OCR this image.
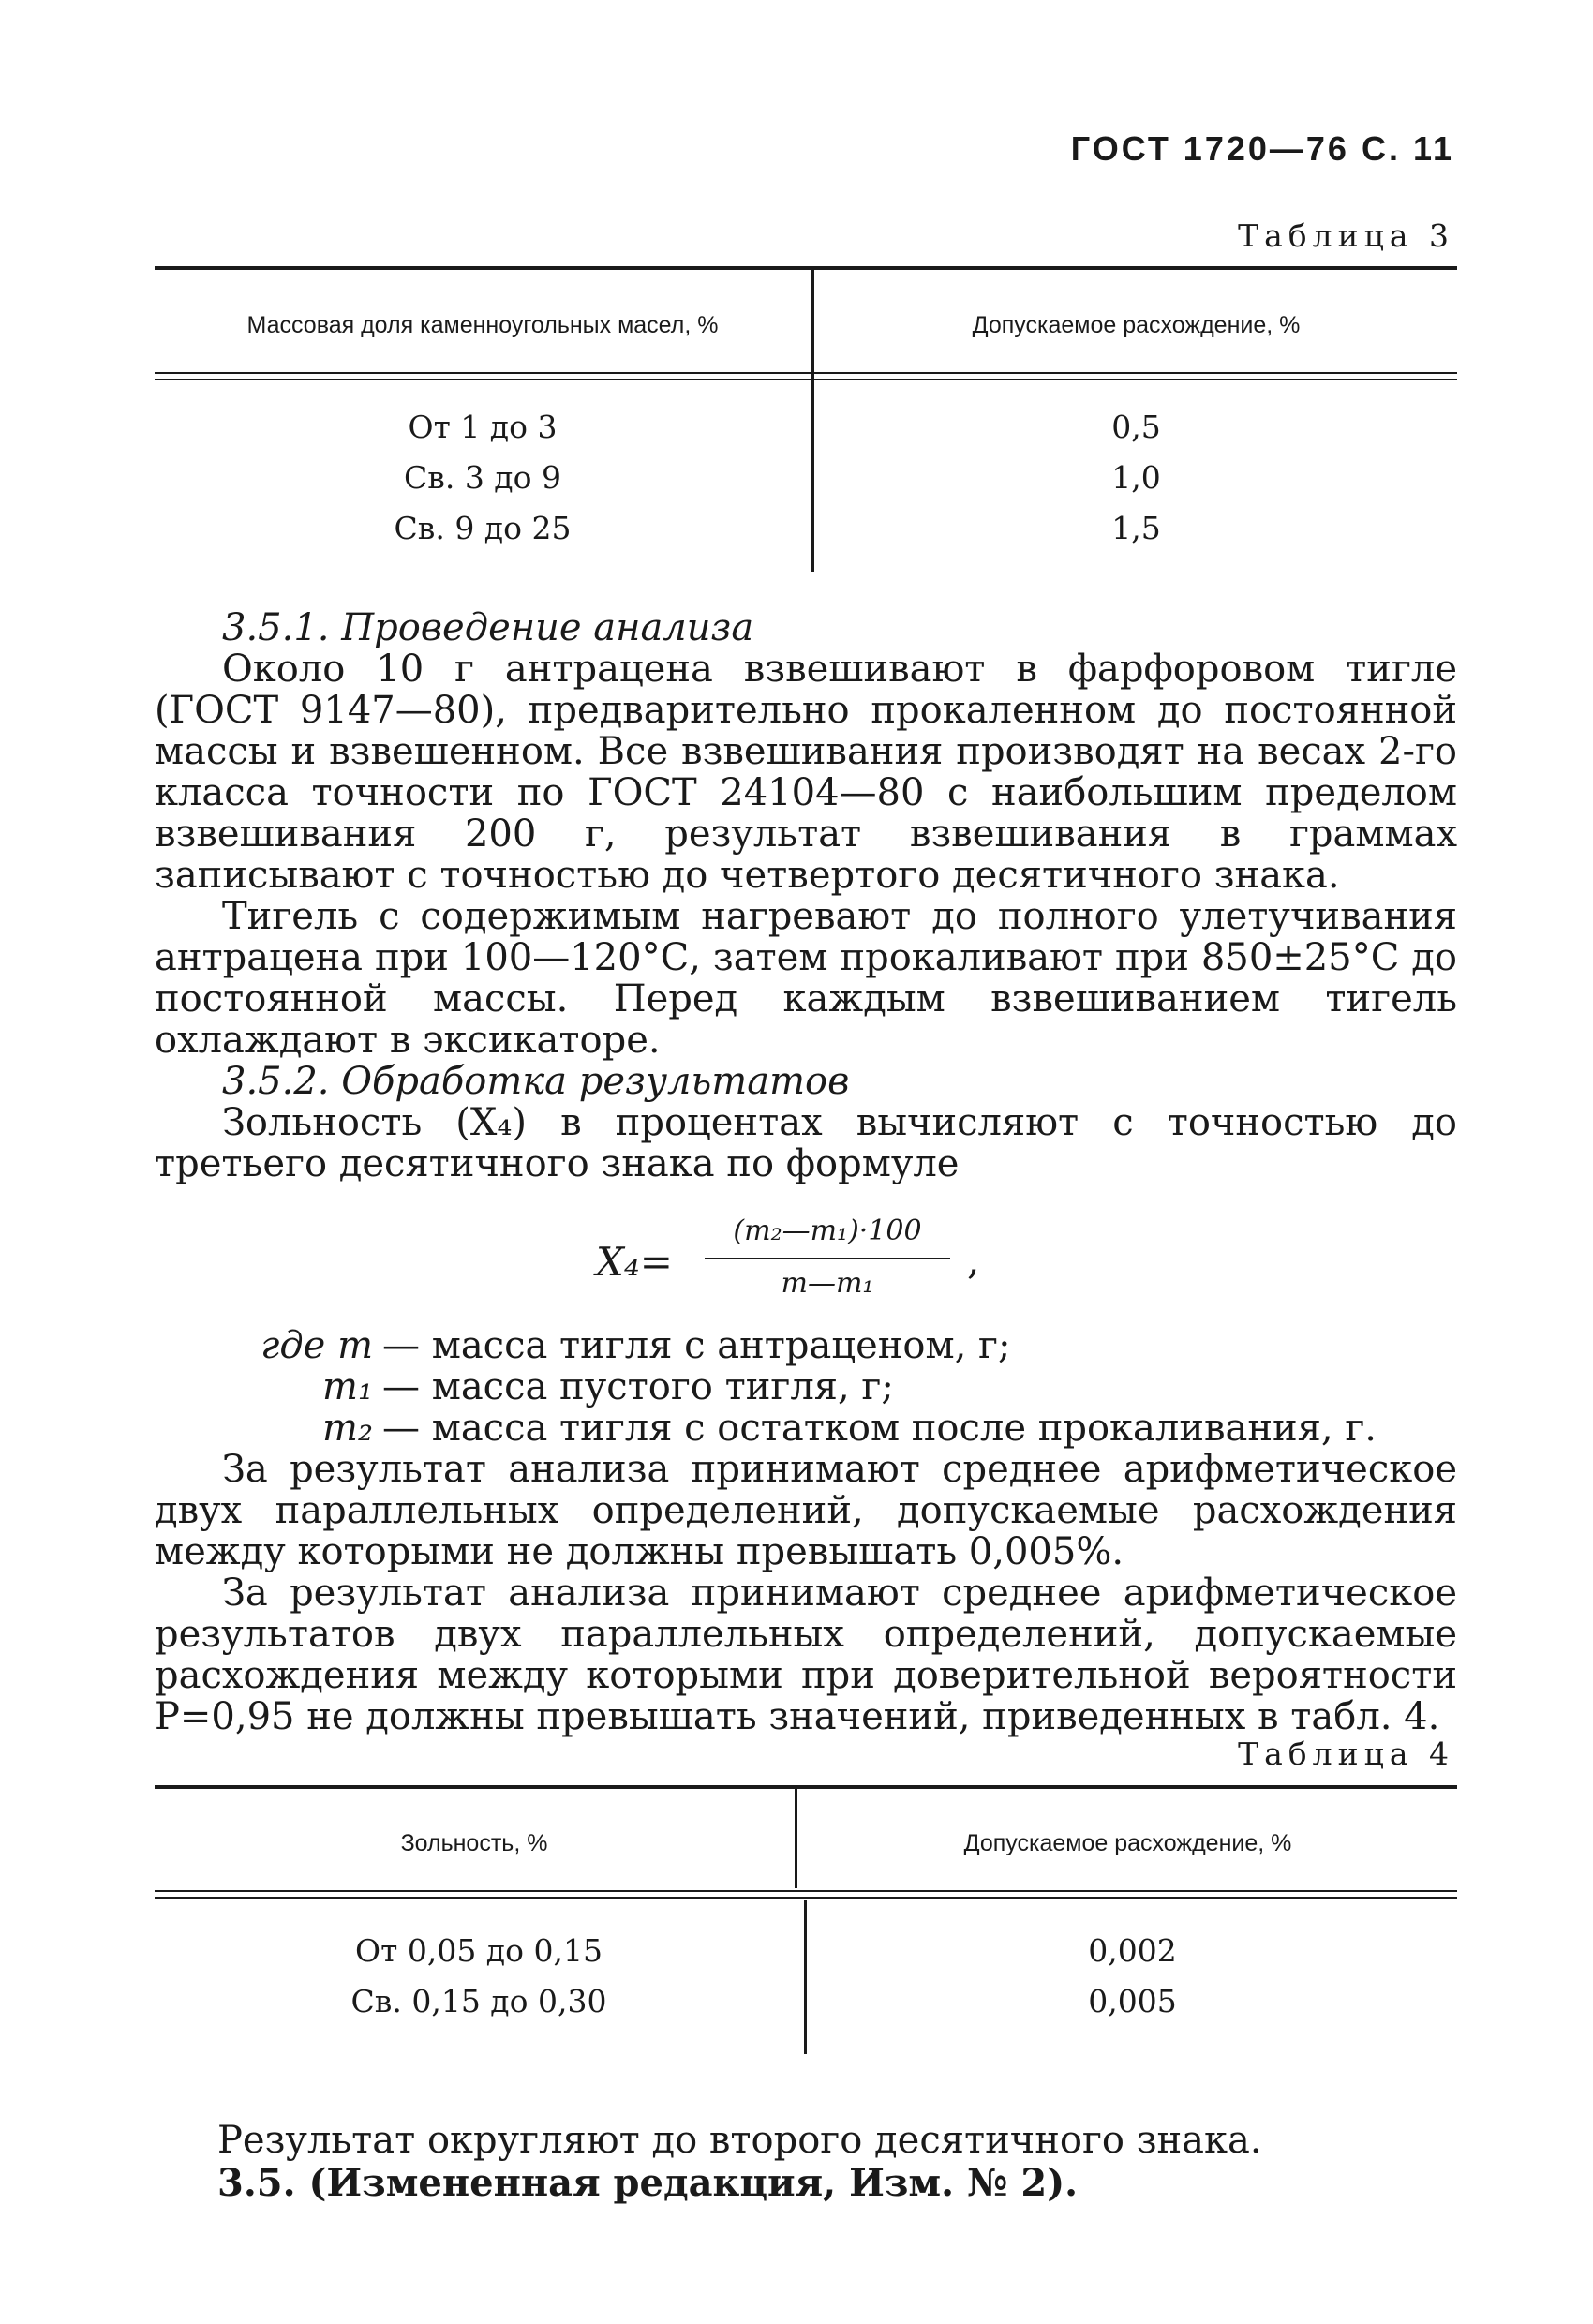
ГОСТ 1720—76 С. 11
Таблица 3
Массовая доля каменноугольных масел, %	Допускаемое расхождение, %
От 1 до 3	0,5
Св. 3 до 9	1,0
Св. 9 до 25	1,5

3.5.1. Проведение анализа

Около 10 г антрацена взвешивают в фарфоровом тигле (ГОСТ 9147—80), предварительно прокаленном до постоянной массы и взвешенном. Все взвешивания производят на весах 2-го класса точности по ГОСТ 24104—80 с наибольшим пределом взвешивания 200 г, результат взвешивания в граммах записывают с точностью до четвертого десятичного знака.

Тигель с содержимым нагревают до полного улетучивания антрацена при 100—120°С, затем прокаливают при 850±25°С до постоянной массы. Перед каждым взвешиванием тигель охлаждают в эксикаторе.

3.5.2. Обработка результатов

Зольность (X₄) в процентах вычисляют с точностью до третьего десятичного знака по формуле

X₄=
(m₂—m₁)·100
m—m₁
,
где m — масса тигля с антраценом, г;
m₁ — масса пустого тигля, г;
m₂ — масса тигля с остатком после прокаливания, г.

За результат анализа принимают среднее арифметическое двух параллельных определений, допускаемые расхождения между которыми не должны превышать 0,005%.

За результат анализа принимают среднее арифметическое результатов двух параллельных определений, допускаемые расхождения между которыми при доверительной вероятности P=0,95 не должны превышать значений, приведенных в табл. 4.

Таблица 4
Зольность, %	Допускаемое расхождение, %
От 0,05 до 0,15	0,002
Св. 0,15 до 0,30	0,005
Результат округляют до второго десятичного знака.
3.5. (Измененная редакция, Изм. № 2).
